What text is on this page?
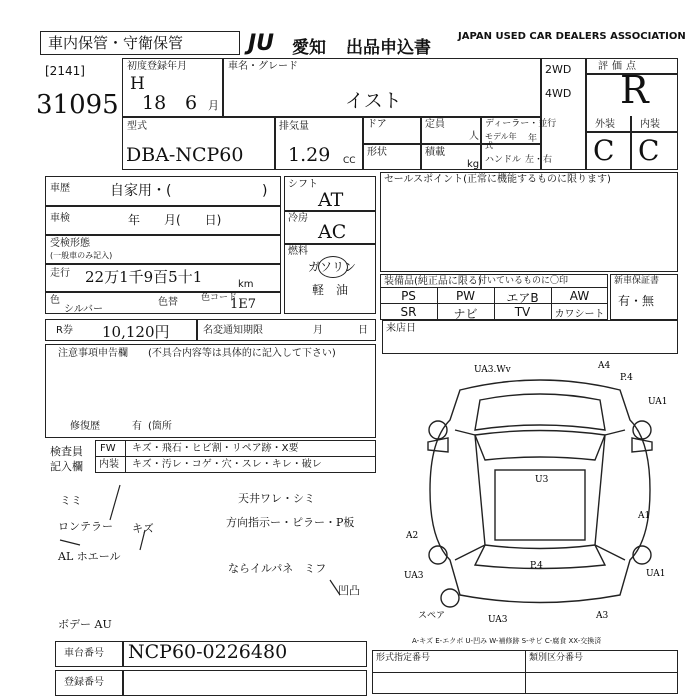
車内保管・守衛保管	JU 愛知 出品申込書
JAPAN USED CAR DEALERS ASSOCIATION
[2141]
31095
初度登録年月
H
18 6 月
車名・グレード
イスト
2WD
4WD
評価点
R
外装	内装
C C
型式
DBA-NCP60
排気量
1.29 CC
ドア	定員
人
形状	積載
kg
ディーラー・並行
モデル年式
年
ハンドル 左・右
車歴	自家用・(	)
車検	年　　月(　　日)
受検形態
(一般車のみ記入)
走行 22万1千9百5十1	km
色
シルバー
色替	色コード
1E7
シフト
AT
冷房
AC
燃料
ガソリン
軽　油
セールスポイント(正常に機能するものに限ります)
装備品(純正品に限る)
付いているものに〇印
PS	PW	エアB	AW
SR	ナビ	TV	カワシート
新車保証書
有・無
R券 10,120円	名変通知期限	月	日 来店日
注意事項申告欄 (不具合内容等は具体的に記入して下さい)
修復歴	有 (箇所
検査員
記入欄
FW キズ・飛石・ヒビ割・リペア跡・X要
内装 キズ・汚レ・コゲ・穴・スレ・キレ・破レ
ミミ
ロンテラー
AL ホエール
ボデー AU
キズ
天井ワレ・シミ
方向指示ー・ピラー・P板
ならイルパネ　ミフ
凹凸
UA3.Wv	A4
P.4
UA1
U3
A2
UA3
A1
P.4
UA1
スペア	UA3	A3
A-キズ E-エクボ U-凹み W-補修跡 S-サビ C-腐食 XX-交換済
車台番号 NCP60-0226480
登録番号
形式指定番号	類別区分番号
